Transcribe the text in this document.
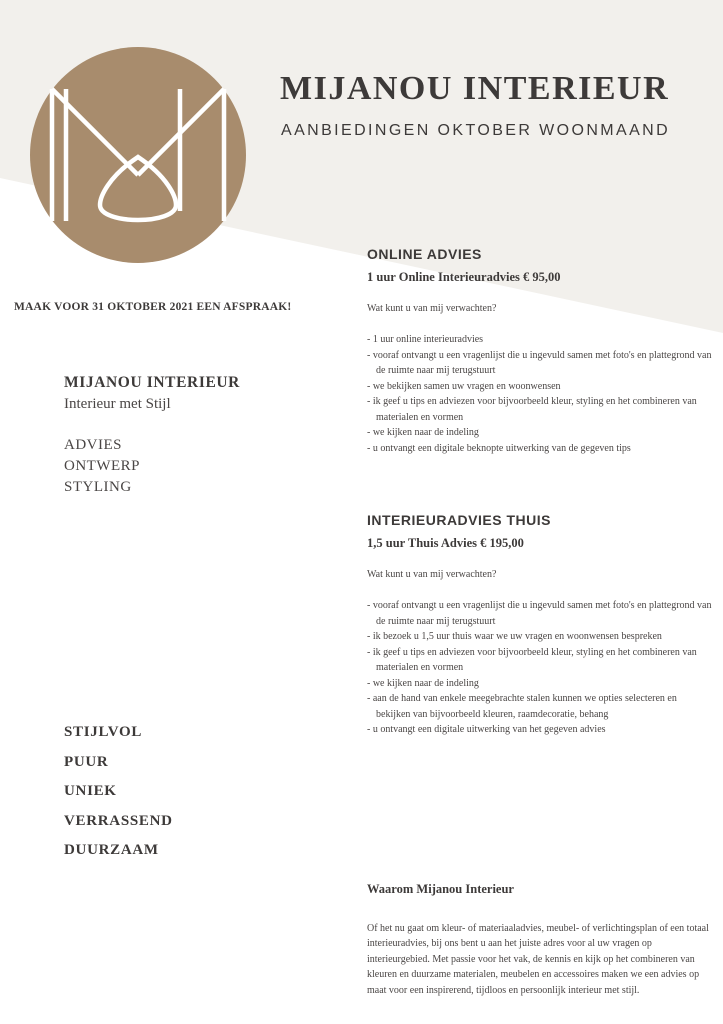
MIJANOU INTERIEUR
AANBIEDINGEN OKTOBER WOONMAAND
MAAK VOOR 31 OKTOBER 2021 EEN AFSPRAAK!

MIJANOU INTERIEUR

Interieur met Stijl

ADVIES
ONTWERP
STYLING
STIJLVOL
PUUR
UNIEK
VERRASSEND
DUURZAAM
ONLINE ADVIES

1 uur Online Interieuradvies € 95,00

Wat kunt u van mij verwachten?

- 1 uur online interieuradvies
- vooraf ontvangt u een vragenlijst die u ingevuld samen met foto's en plattegrond van de ruimte naar mij terugstuurt
- we bekijken samen uw vragen en woonwensen
- ik geef u tips en adviezen voor bijvoorbeeld kleur, styling en het combineren van materialen en vormen
- we kijken naar de indeling
- u ontvangt een digitale beknopte uitwerking van de gegeven tips
INTERIEURADVIES THUIS

1,5 uur Thuis Advies € 195,00

Wat kunt u van mij verwachten?

- vooraf ontvangt u een vragenlijst die u ingevuld samen met foto's en plattegrond van de ruimte naar mij terugstuurt
- ik bezoek u 1,5 uur thuis waar we uw vragen en woonwensen bespreken
- ik geef u tips en adviezen voor bijvoorbeeld kleur, styling en het combineren van materialen en vormen
- we kijken naar de indeling
- aan de hand van enkele meegebrachte stalen kunnen we opties selecteren en bekijken van bijvoorbeeld kleuren, raamdecoratie, behang
- u ontvangt een digitale uitwerking van het gegeven advies
Waarom Mijanou Interieur

Of het nu gaat om kleur- of materiaaladvies, meubel- of verlichtingsplan of een totaal interieuradvies, bij ons bent u aan het juiste adres voor al uw vragen op interieurgebied. Met passie voor het vak, de kennis en kijk op het combineren van kleuren en duurzame materialen, meubelen en accessoires maken we een advies op maat voor een inspirerend, tijdloos en persoonlijk interieur met stijl.
